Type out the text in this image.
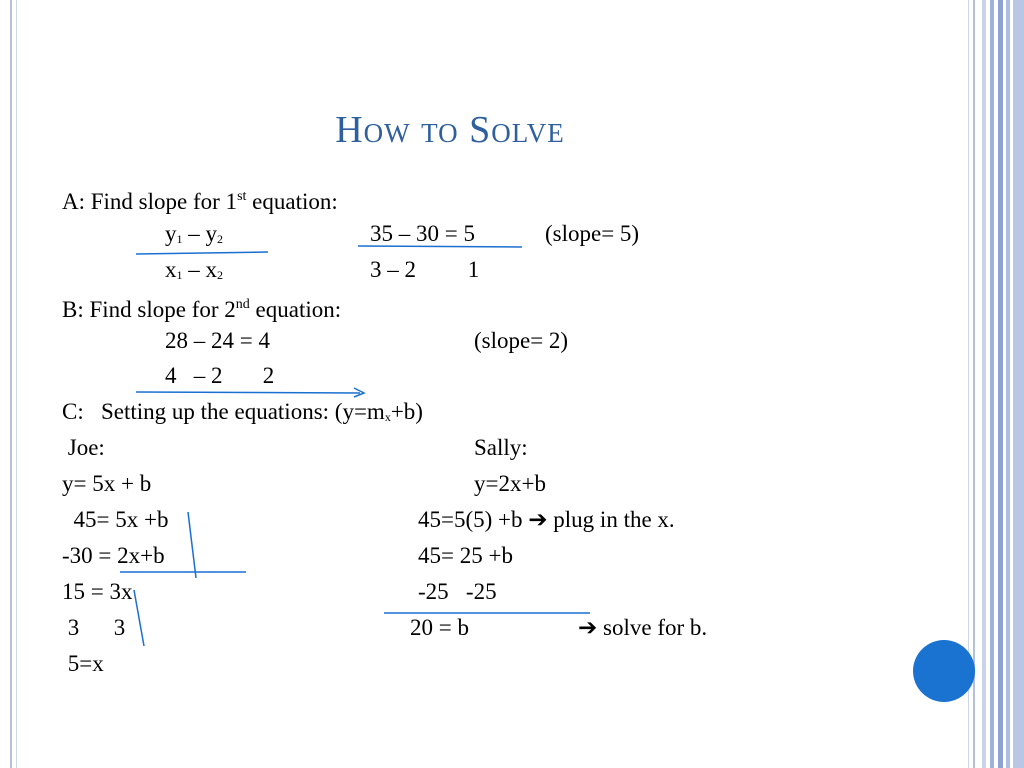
How to Solve
A: Find slope for 1st equation:
y1 – y2	35 – 30 = 5	(slope= 5)
x1 – x2	3 – 2         1
B: Find slope for 2nd equation:
28 – 24 = 4	(slope= 2)
4   – 2       2
C:   Setting up the equations: (y=mx+b)
Joe:	Sally:
y= 5x + b	y=2x+b
45= 5x +b	45=5(5) +b ➔ plug in the x.
-30 = 2x+b	45= 25 +b
15 = 3x	-25   -25
3      3	20 = b	➔ solve for b.
5=x
